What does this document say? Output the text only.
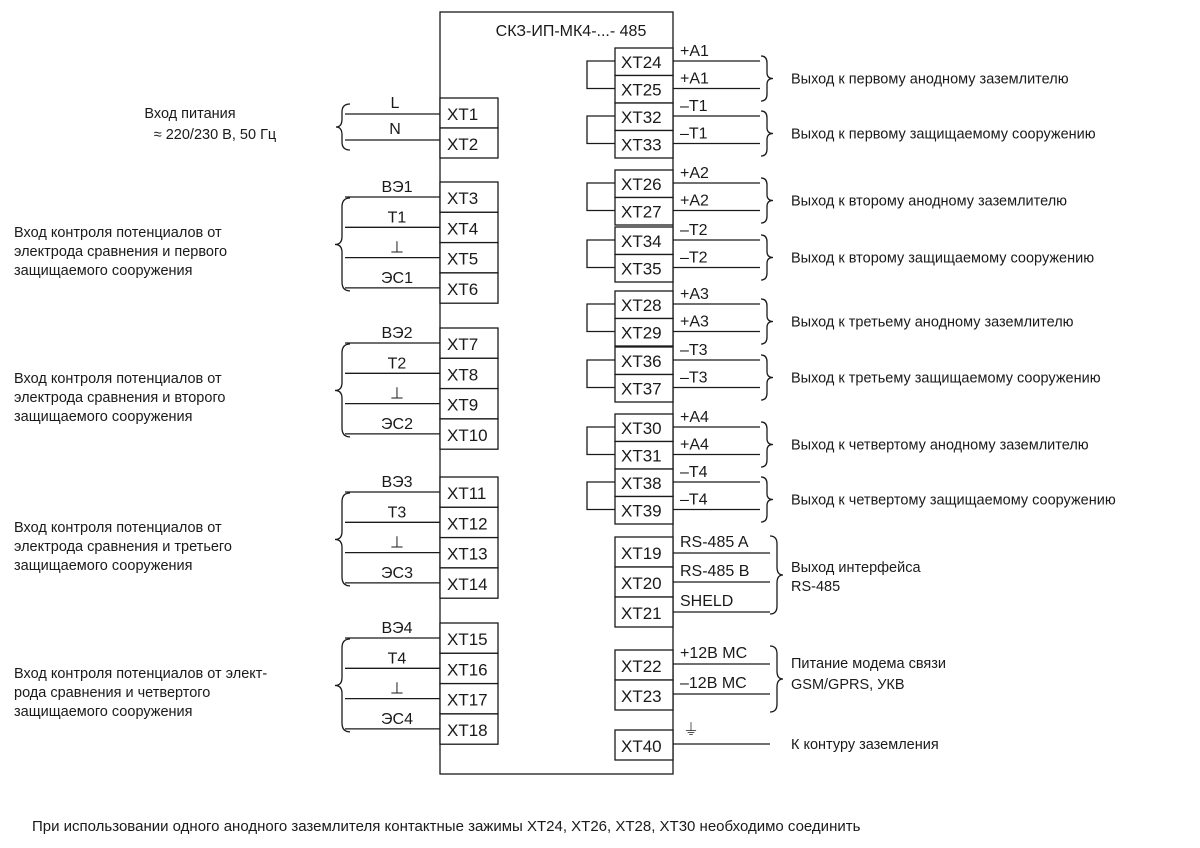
СКЗ-ИП-МК4-...- 485
XT1
L
XT2
N
Вход питания
≈ 220/230 В, 50 Гц
XT3
ВЭ1
XT4
Т1
XT5
⊥
XT6
ЭС1
Вход контроля потенциалов от
электрода сравнения и первого
защищаемого сооружения
XT7
ВЭ2
XT8
Т2
XT9
⊥
XT10
ЭС2
Вход контроля потенциалов от
электрода сравнения и второго
защищаемого сооружения
XT11
ВЭ3
XT12
Т3
XT13
⊥
XT14
ЭС3
Вход контроля потенциалов от
электрода сравнения и третьего
защищаемого сооружения
XT15
ВЭ4
XT16
Т4
XT17
⊥
XT18
ЭС4
Вход контроля потенциалов от элект-
рода сравнения и четвертого
защищаемого сооружения
XT24
+A1
XT25
+A1	Выход к первому анодному заземлителю
XT32
–T1
XT33
–T1	Выход к первому защищаемому сооружению
XT26
+A2
XT27
+A2	Выход к второму анодному заземлителю
XT34
–T2
XT35
–T2	Выход к второму защищаемому сооружению
XT28
+A3
XT29
+A3	Выход к третьему анодному заземлителю
XT36
–T3
XT37
–T3	Выход к третьему защищаемому сооружению
XT30
+A4
XT31
+A4	Выход к четвертому анодному заземлителю
XT38
–T4
XT39
–T4	Выход к четвертому защищаемому сооружению
XT19
RS-485 A
XT20
RS-485 B
XT21
SHELD
Выход интерфейса
RS-485
XT22
+12В МС
XT23
–12В МС
Питание модема связи
GSM/GPRS, УКВ
XT40
⏚
К контуру заземления
При использовании одного анодного заземлителя контактные зажимы XT24, XT26, XT28, XT30 необходимо соединить
